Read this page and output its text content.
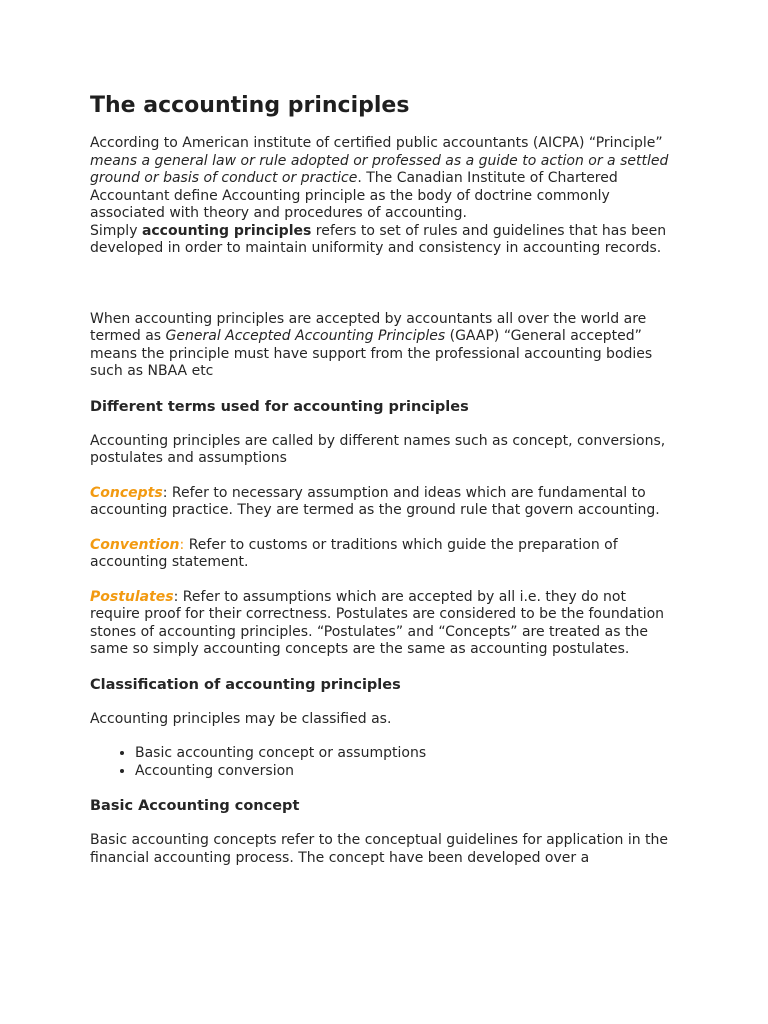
The accounting principles

According to American institute of certified public accountants (AICPA) “Principle” means a general law or rule adopted or professed as a guide to action or a settled ground or basis of conduct or practice. The Canadian Institute of Chartered Accountant define Accounting principle as the body of doctrine commonly associated with theory and procedures of accounting.

Simply accounting principles refers to set of rules and guidelines that has been developed in order to maintain uniformity and consistency in accounting records.

When accounting principles are accepted by accountants all over the world are termed as General Accepted Accounting Principles (GAAP) “General accepted” means the principle must have support from the professional accounting bodies such as NBAA etc

Different terms used for accounting principles

Accounting principles are called by different names such as concept, conversions, postulates and assumptions

Concepts: Refer to necessary assumption and ideas which are fundamental to accounting practice. They are termed as the ground rule that govern accounting.

Convention: Refer to customs or traditions which guide the preparation of accounting statement.

Postulates: Refer to assumptions which are accepted by all i.e. they do not require proof for their correctness. Postulates are considered to be the foundation stones of accounting principles. “Postulates” and “Concepts” are treated as the same so simply accounting concepts are the same as accounting postulates.

Classification of accounting principles

Accounting principles may be classified as.

• Basic accounting concept or assumptions
• Accounting conversion
Basic Accounting concept

Basic accounting concepts refer to the conceptual guidelines for application in the financial accounting process. The concept have been developed over a
